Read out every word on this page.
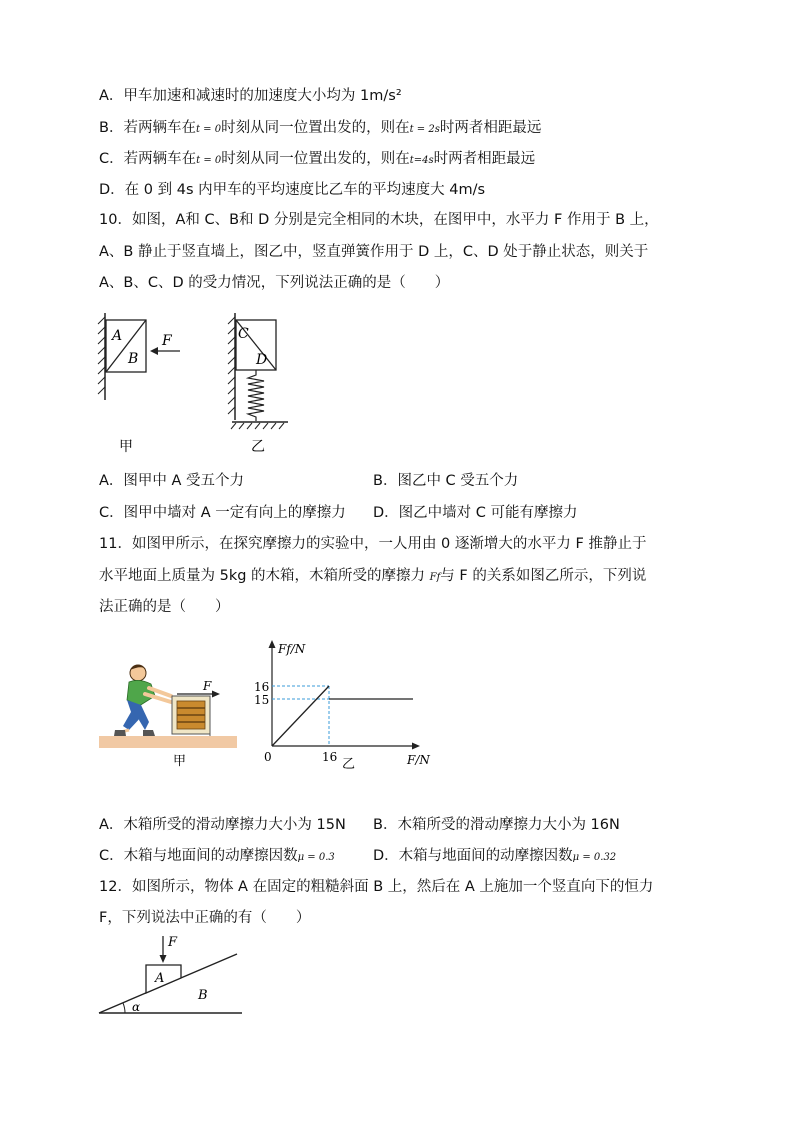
A．甲车加速和减速时的加速度大小均为 1m/s²
B．若两辆车在t = 0时刻从同一位置出发的，则在t = 2s时两者相距最远
C．若两辆车在t = 0时刻从同一位置出发的，则在t=4s时两者相距最远
D．在 0 到 4s 内甲车的平均速度比乙车的平均速度大 4m/s
10．如图，A和 C、B和 D 分别是完全相同的木块，在图甲中，水平力 F 作用于 B 上，
A、B 静止于竖直墙上，图乙中，竖直弹簧作用于 D 上，C、D 处于静止状态，则关于
A、B、C、D 的受力情况，下列说法正确的是（　　）
A
B
F
甲
C
D
乙
A．图甲中 A 受五个力	B．图乙中 C 受五个力
C．图甲中墙对 A 一定有向上的摩擦力 D．图乙中墙对 C 可能有摩擦力
11．如图甲所示，在探究摩擦力的实验中，一人用由 0 逐渐增大的水平力 F 推静止于
水平地面上质量为 5kg 的木箱，木箱所受的摩擦力 Ff与 F 的关系如图乙所示，下列说
法正确的是（　　）
F
甲
Ff/N
F/N
0
16
15
16 乙
A．木箱所受的滑动摩擦力大小为 15N B．木箱所受的滑动摩擦力大小为 16N
C．木箱与地面间的动摩擦因数μ = 0.3	D．木箱与地面间的动摩擦因数μ = 0.32
12．如图所示，物体 A 在固定的粗糙斜面 B 上，然后在 A 上施加一个竖直向下的恒力
F，下列说法中正确的有（　　）
F
A
B
α
